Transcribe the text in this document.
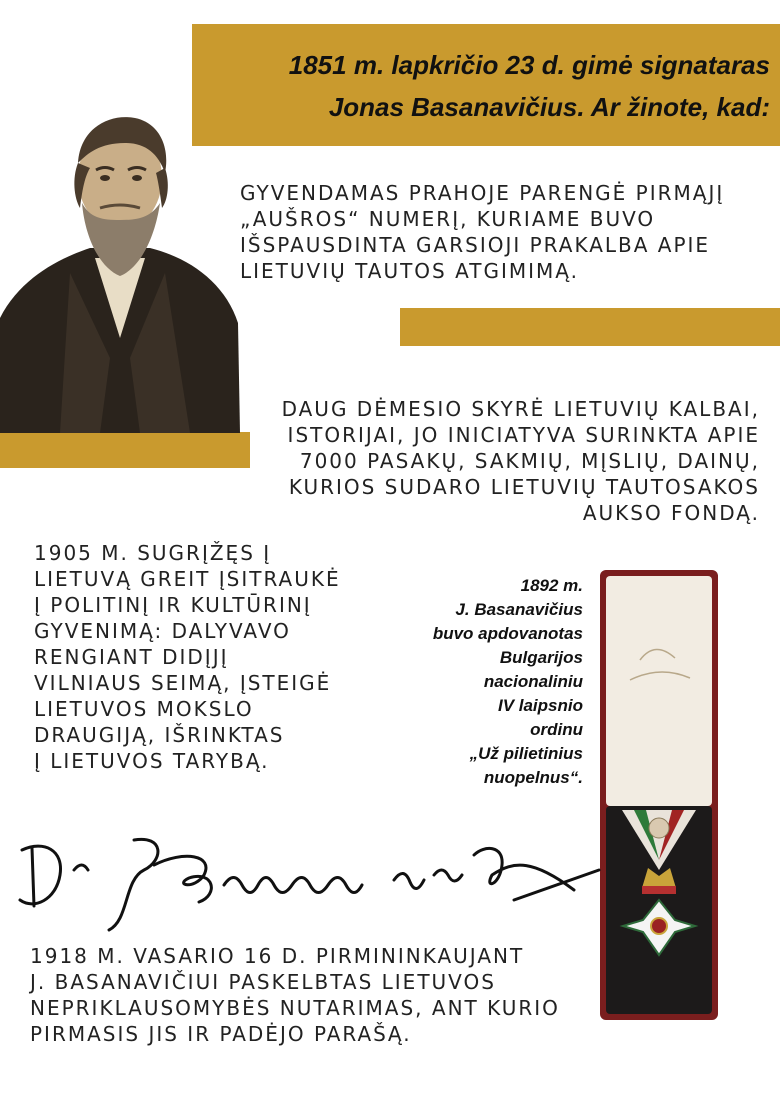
1851 m. lapkričio 23 d. gimė signataras
Jonas Basanavičius. Ar žinote, kad:
GYVENDAMAS PRAHOJE PARENGĖ PIRMĄJĮ
„AUŠROS“ NUMERĮ, KURIAME BUVO
IŠSPAUSDINTA GARSIOJI PRAKALBA APIE
LIETUVIŲ TAUTOS ATGIMIMĄ.
DAUG DĖMESIO SKYRĖ LIETUVIŲ KALBAI,
ISTORIJAI, JO INICIATYVA SURINKTA APIE
7000 PASAKŲ, SAKMIŲ, MĮSLIŲ, DAINŲ,
KURIOS SUDARO LIETUVIŲ TAUTOSAKOS
AUKSO FONDĄ.
1905 M. SUGRĮŽĘS Į
LIETUVĄ GREIT ĮSITRAUKĖ
Į POLITINĮ IR KULTŪRINĮ
GYVENIMĄ: DALYVAVO
RENGIANT DIDĮJĮ
VILNIAUS SEIMĄ, ĮSTEIGĖ
LIETUVOS MOKSLO
DRAUGIJĄ, IŠRINKTAS
Į LIETUVOS TARYBĄ.
1892 m.
J. Basanavičius
buvo apdovanotas
Bulgarijos
nacionaliniu
IV laipsnio
ordinu
„Už pilietinius
nuopelnus“.
1918 M. VASARIO 16 D. PIRMININKAUJANT
J. BASANAVIČIUI PASKELBTAS LIETUVOS
NEPRIKLAUSOMYBĖS NUTARIMAS, ANT KURIO
PIRMASIS JIS IR PADĖJO PARAŠĄ.
